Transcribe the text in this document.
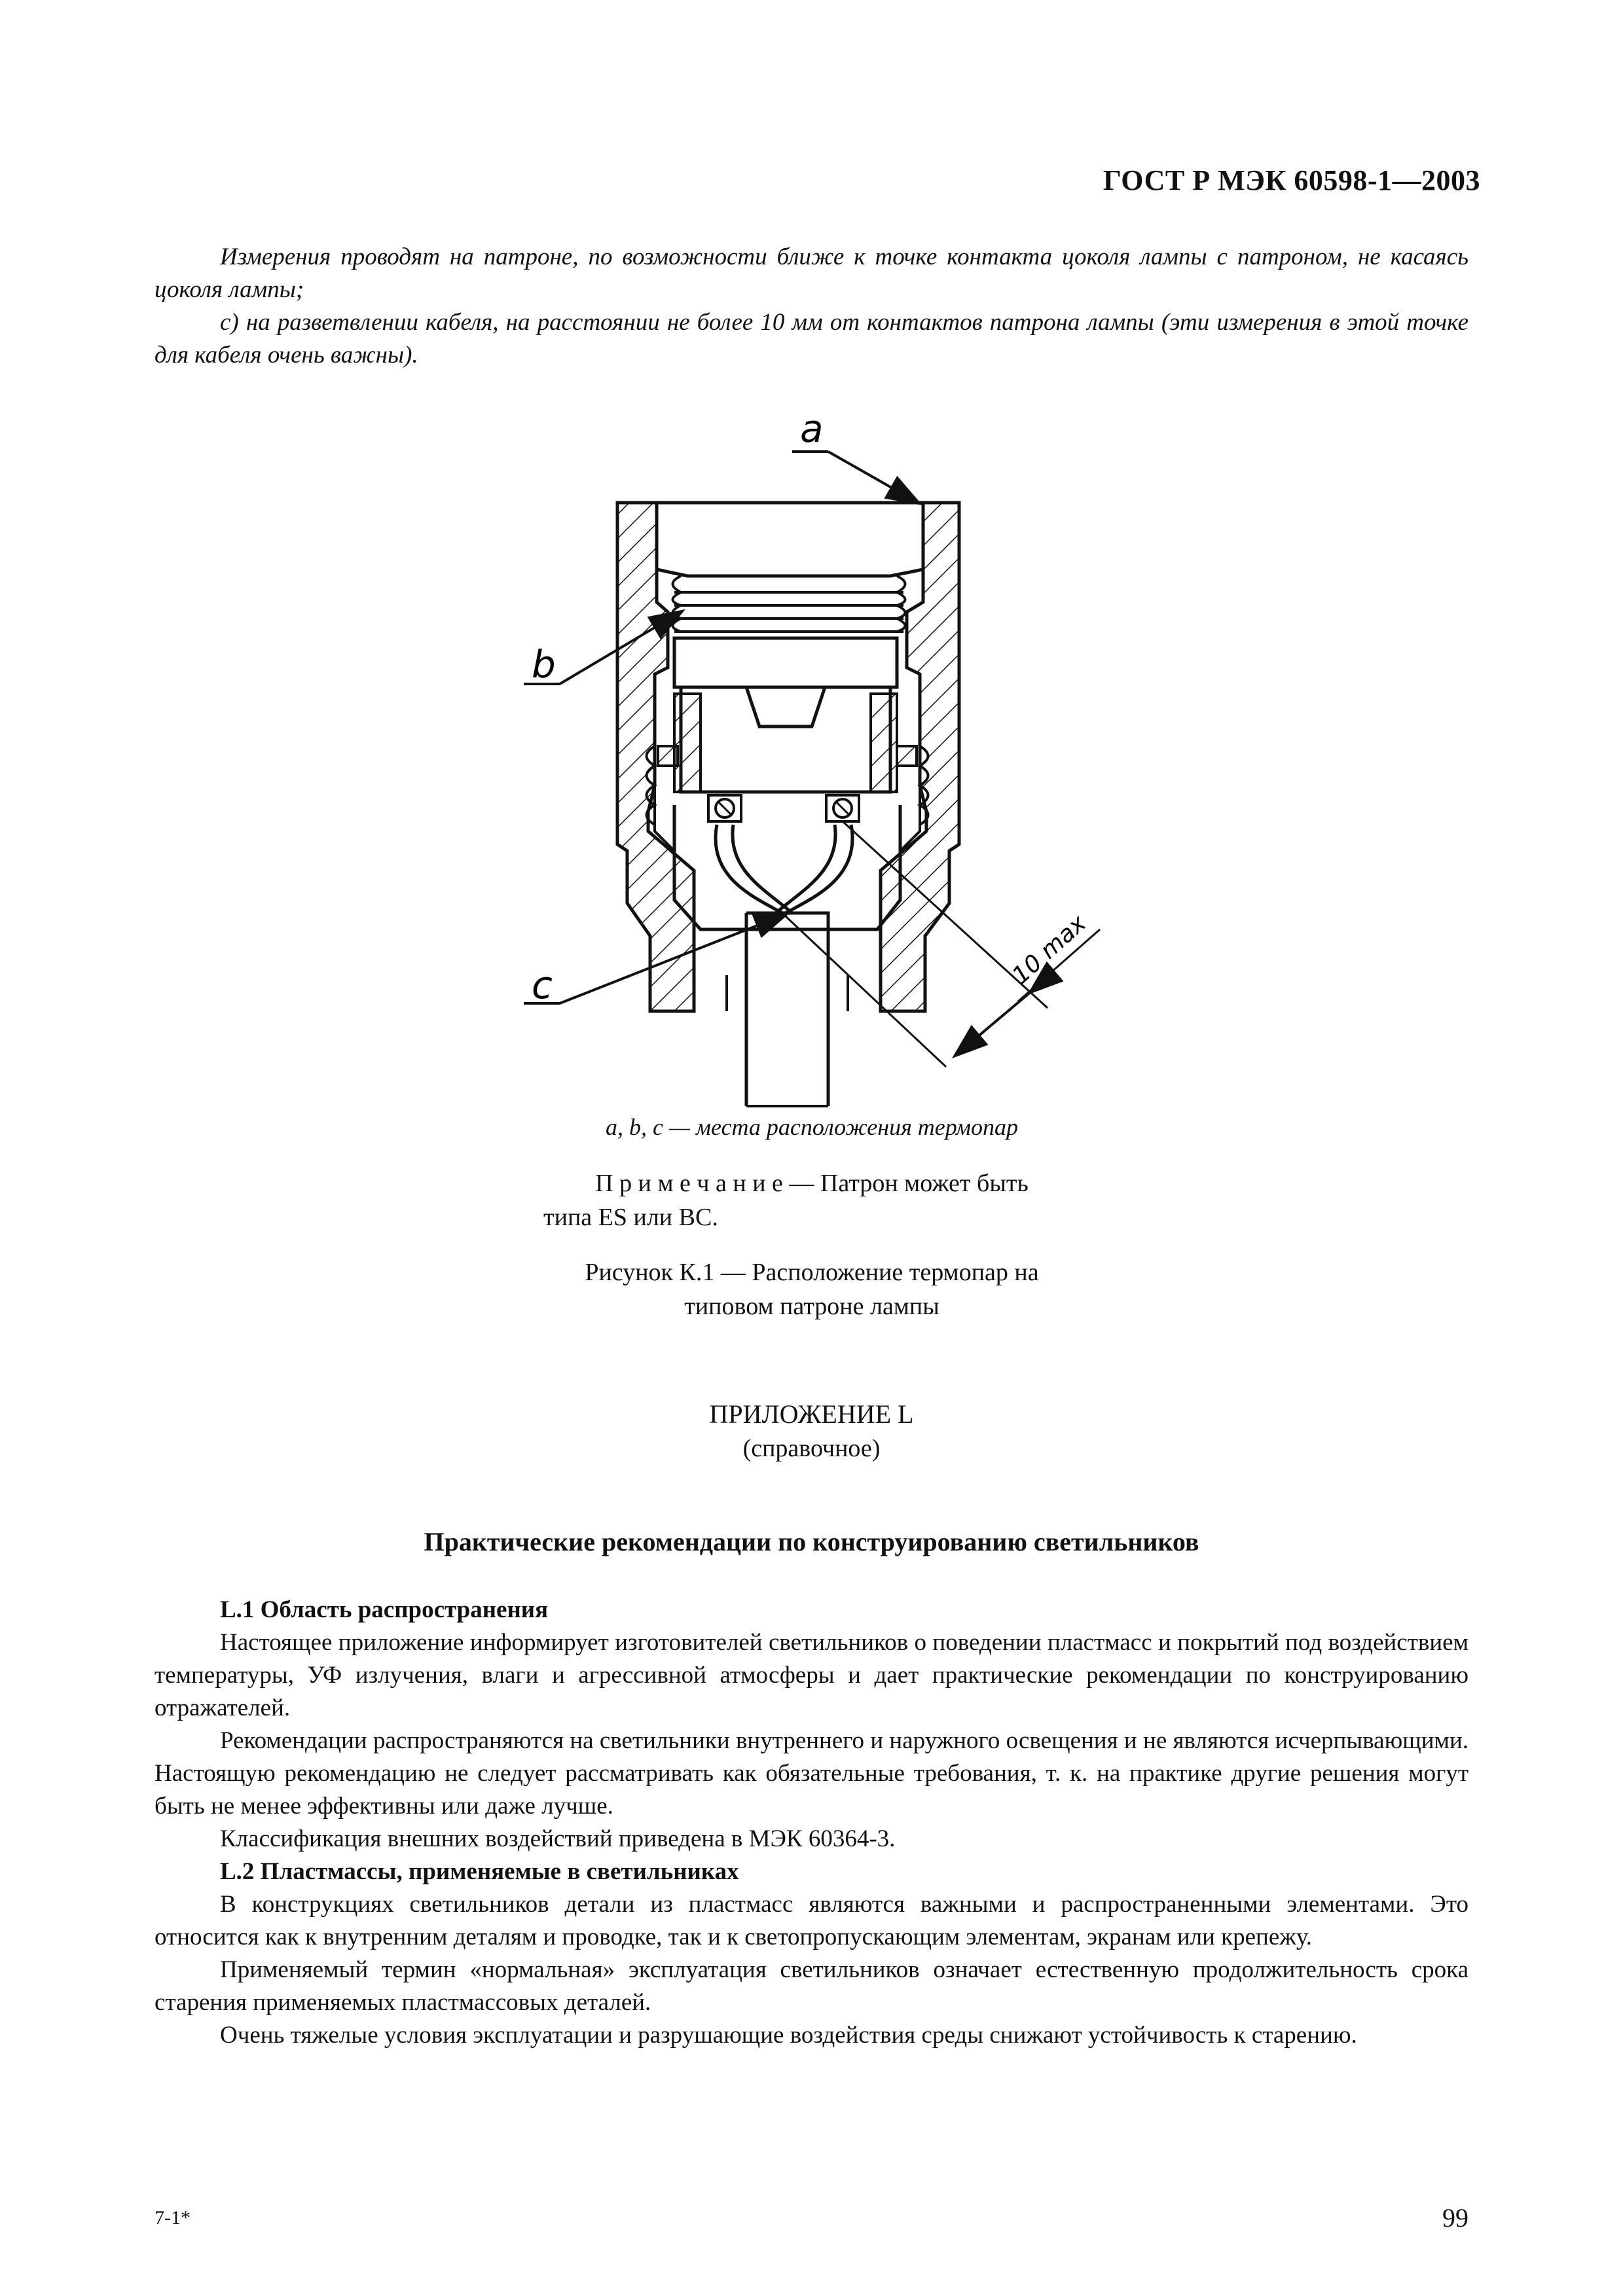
ГОСТ Р МЭК 60598-1—2003
Измерения проводят на патроне, по возможности ближе к точке контакта цоколя лампы с патроном, не касаясь цоколя лампы;
c) на разветвлении кабеля, на расстоянии не более 10 мм от контактов патрона лампы (эти измерения в этой точке для кабеля очень важны).
a
b
c	10 max
a, b, c — места расположения термопар
П р и м е ч а н и е — Патрон может быть
типа ES или BC.
Рисунок К.1 — Расположение термопар на
типовом патроне лампы
ПРИЛОЖЕНИЕ L
(справочное)
Практические рекомендации по конструированию светильников
L.1 Область распространения
Настоящее приложение информирует изготовителей светильников о поведении пластмасс и покрытий под воздействием температуры, УФ излучения, влаги и агрессивной атмосферы и дает практические рекомендации по конструированию отражателей.
Рекомендации распространяются на светильники внутреннего и наружного освещения и не являются исчерпывающими. Настоящую рекомендацию не следует рассматривать как обязательные требования, т. к. на практике другие решения могут быть не менее эффективны или даже лучше.
Классификация внешних воздействий приведена в МЭК 60364-3.
L.2 Пластмассы, применяемые в светильниках
В конструкциях светильников детали из пластмасс являются важными и распространенными элементами. Это относится как к внутренним деталям и проводке, так и к светопропускающим элементам, экранам или крепежу.
Применяемый термин «нормальная» эксплуатация светильников означает естественную продолжительность срока старения применяемых пластмассовых деталей.
Очень тяжелые условия эксплуатации и разрушающие воздействия среды снижают устойчивость к старению.
7-1*	99
